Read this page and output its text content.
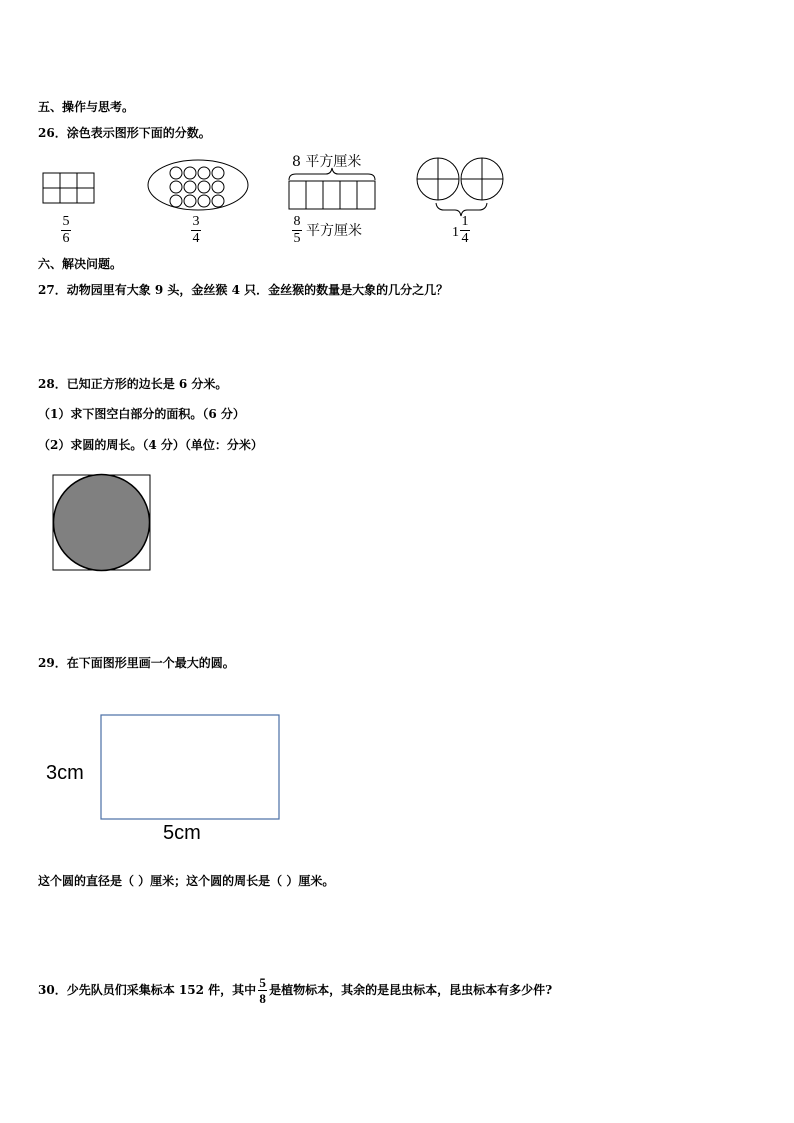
五、操作与思考。
26．涂色表示图形下面的分数。
5
6
3
4
8 平方厘米
8
5 平方厘米	1
1
4
六、解决问题。
27．动物园里有大象 9 头，金丝猴 4 只．金丝猴的数量是大象的几分之几？
28．已知正方形的边长是 6 分米。
（1）求下图空白部分的面积。（6 分）
（2）求圆的周长。（4 分）（单位：分米）
29．在下面图形里画一个最大的圆。
3cm
5cm
这个圆的直径是（ ）厘米；这个圆的周长是（ ）厘米。
30．少先队员们采集标本 152 件，其中 $\frac{5}{8}$ 是植物标本，其余的是昆虫标本，昆虫标本有多少件?
